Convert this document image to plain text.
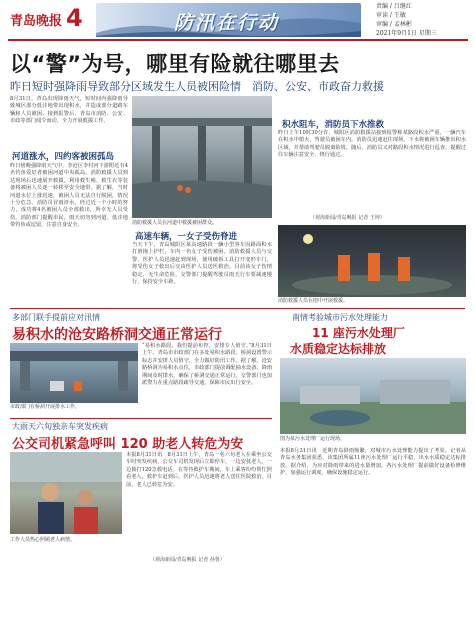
青岛晚报 4	防汛在行动
责编 / 吕继红
审读 / 王敏
审编 / 孟林彬
2021年9月1日 星期三
以“警”为号，哪里有险就往哪里去
昨日短时强降雨导致部分区域发生人员被困险情　消防、公安、市政奋力救援
8月31日，青岛出现降雨天气，短时间内强降雨导致城区部分低洼地带出现积水，并造成部分道路车辆和人员被困。接到报警后，青岛市消防、公安、市政等部门闻令而动，全力开展救援工作。
河道涨水，四约客被困孤岛
昨日傍晚强降雨天气中，李沧区李村河下游附近有4名钓鱼爱好者被困河道中央孤岛。消防救援人员到达现场后迅速展开救援，利用救生绳、救生衣等装备将被困人员逐一转移至安全地带。据了解，当时河道水位上涨迅速，被困人员无法自行脱困，情况十分危急。消防员冒雨涉水，经过近一个小时的努力，成功将4名被困人员全部救出，所幸无人员受伤。消防部门提醒市民，雨天切勿到河道、低洼地带钓鱼或逗留，注意自身安全。	消防救援人员在河道中救援被困群众。
积水阻车，消防员下水推救
昨日上午10时30分许，城阳区消防救援站接到报警称某路段积水严重，一辆汽车在积水中熄火，驾驶员被困车内。消防员迅速赶往现场，下水将被困车辆推出积水区域，并帮助驾驶员脱离险境。随后，消防员又对路段积水情况进行巡查，提醒过往车辆注意安全、绕行通过。
（观海新闻/青岛晚报 记者 王坤）
高速车辆，一女子受伤脊进
当天下午，青岛城阳区某高速路段一辆小型客车因路面积水打滑撞上护栏，车内一名女子受伤被困。消防救援人员与交警、医护人员迅速赶到现场，使用破拆工具打开变形车门，将受伤女子救出后交由医护人员送医救治。目前该女子伤情稳定，无生命危险。交警部门提醒驾驶员雨天行车要减速慢行，保持安全车距。
消防救援人员在雨中开展救援。
多部门联手提前应对汛情
易积水的沧安路桥洞交通正常运行
市政部门在桥洞开展排水工作。
“易积水路段，我们提前布控，安排专人值守。”8月31日上午，青岛市市政部门在多处易积水路段、桥洞设置警示标志并安排人员值守，全力做好防汛工作。据了解，沧安路桥洞为易积水点位，市政部门提前调配抽水设备，降雨期间及时排水，确保了桥洞交通正常运行。交警部门也加派警力在重点路段疏导交通，保障市民出行安全。
南情考验城市污水处理能力
11 座污水处理厂
水质稳定达标排放
图为某污水处理厂运行现场。
本报8月31日讯　近期青岛降雨频繁，对城市污水处理能力提出了考验。记者从青岛水务集团获悉，该集团所属11座污水处理厂运行平稳，出水水质稳定达标排放。据介绍，为应对降雨带来的进水量增加，各污水处理厂提前做好设备检修维护，加强运行调度，确保设施稳定运行。
大雨天六旬独亲车突发疾病
公交司机紧急呼叫 120 助老人转危为安
工作人员热心照顾老人病情。
本报8月31日讯　8月31日上午，青岛一名六旬老人在乘坐公交车时突发疾病，公交车司机发现后立即停车，一边安抚老人，一边拨打120急救电话。在等待救护车期间，车上乘客纷纷帮忙照看老人。救护车赶到后，医护人员迅速将老人送往医院救治。目前，老人已转危为安。
（观海新闻/青岛晚报 记者 孙鲁）
